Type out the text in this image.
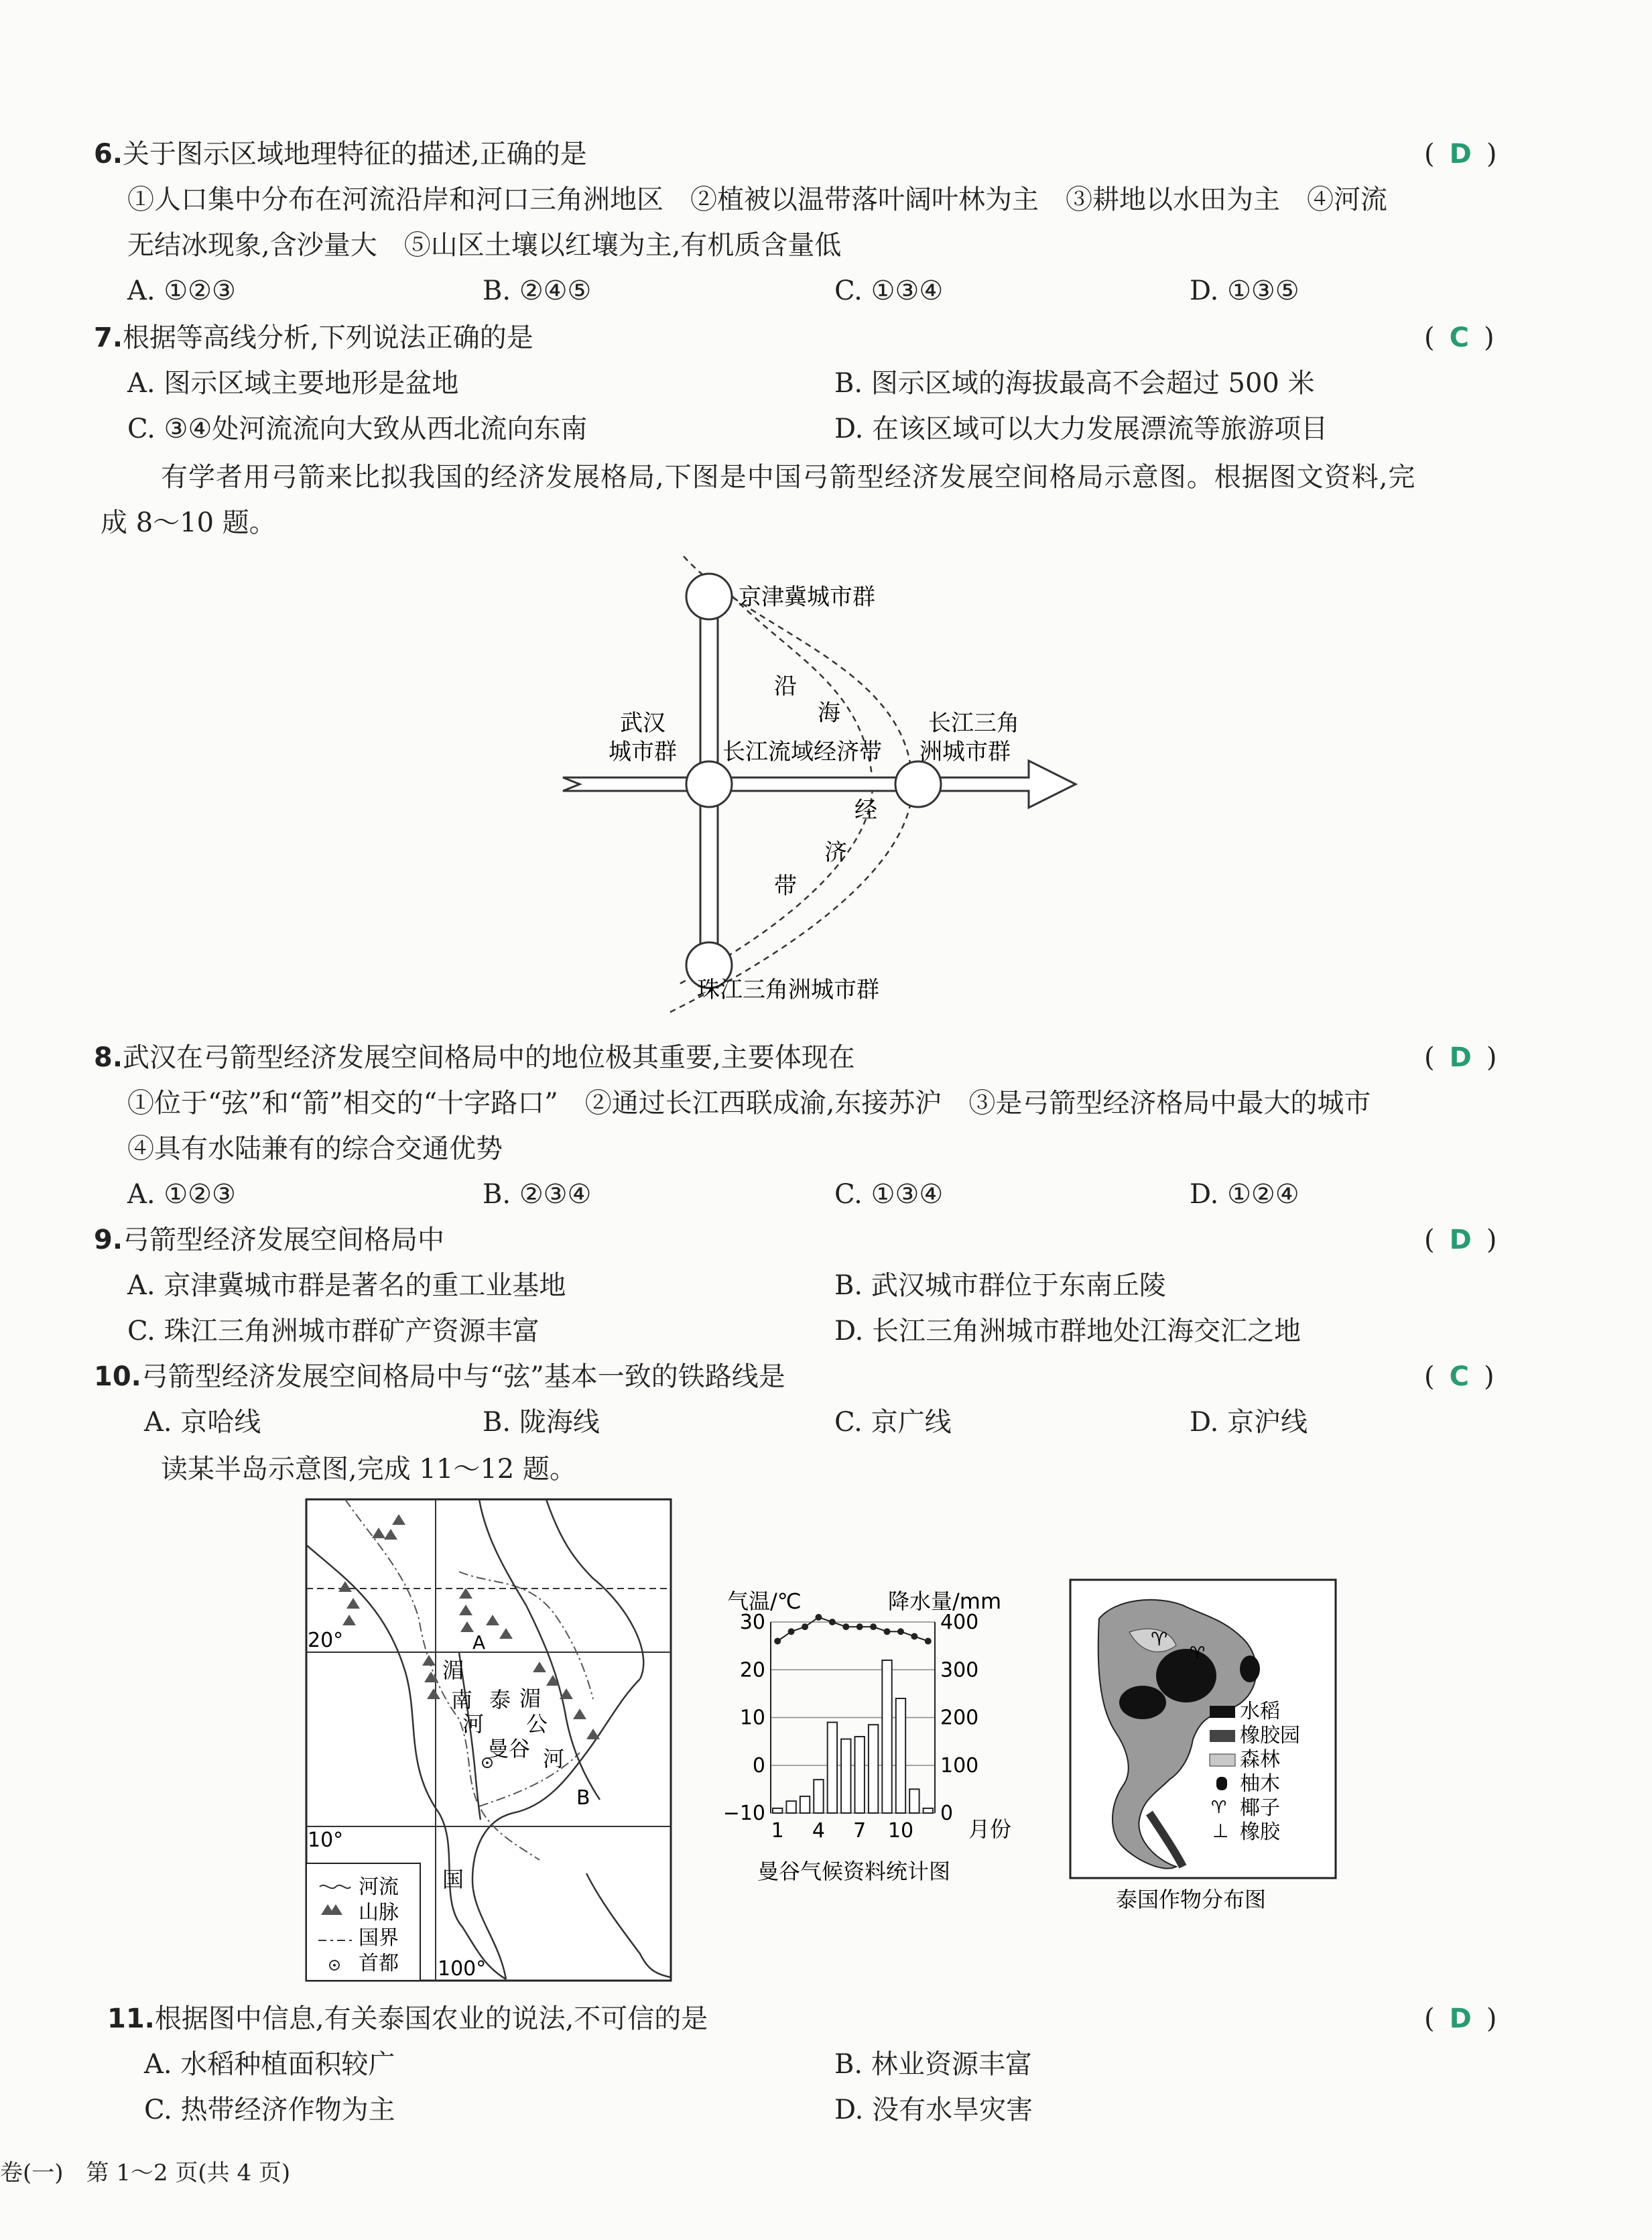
6.关于图示区域地理特征的描述,正确的是	( D )
①人口集中分布在河流沿岸和河口三角洲地区　②植被以温带落叶阔叶林为主　③耕地以水田为主　④河流
无结冰现象,含沙量大　⑤山区土壤以红壤为主,有机质含量低
A. ①②③	B. ②④⑤	C. ①③④	D. ①③⑤
7.根据等高线分析,下列说法正确的是	( C )
A. 图示区域主要地形是盆地	B. 图示区域的海拔最高不会超过 500 米
C. ③④处河流流向大致从西北流向东南	D. 在该区域可以大力发展漂流等旅游项目
有学者用弓箭来比拟我国的经济发展格局,下图是中国弓箭型经济发展空间格局示意图。根据图文资料,完
成 8～10 题。
京津冀城市群
武汉
城市群 长江流域经济带
长江三角
洲城市群
珠江三角洲城市群
沿
海
经
济
带
8.武汉在弓箭型经济发展空间格局中的地位极其重要,主要体现在	( D )
①位于“弦”和“箭”相交的“十字路口”　②通过长江西联成渝,东接苏沪　③是弓箭型经济格局中最大的城市
④具有水陆兼有的综合交通优势
A. ①②③	B. ②③④	C. ①③④	D. ①②④
9.弓箭型经济发展空间格局中	( D )
A. 京津冀城市群是著名的重工业基地	B. 武汉城市群位于东南丘陵
C. 珠江三角洲城市群矿产资源丰富	D. 长江三角洲城市群地处江海交汇之地
10.弓箭型经济发展空间格局中与“弦”基本一致的铁路线是	( C )
A. 京哈线	B. 陇海线	C. 京广线	D. 京沪线
读某半岛示意图,完成 11～12 题。
20°
10°
100°
湄
南
河
泰 湄
公
河
曼谷
国
A
B
河流
山脉
国界
首都
气温/℃	降水量/mm
30	400
20	300
10	200
0	100
−10	0
1 4 7 10	月份
曼谷气候资料统计图
♈
♈
♈
⊥
水稻
橡胶园
森林
柚木
椰子
橡胶
泰国作物分布图
11.根据图中信息,有关泰国农业的说法,不可信的是	( D )
A. 水稻种植面积较广	B. 林业资源丰富
C. 热带经济作物为主	D. 没有水旱灾害
卷(一)　第 1～2 页(共 4 页)
